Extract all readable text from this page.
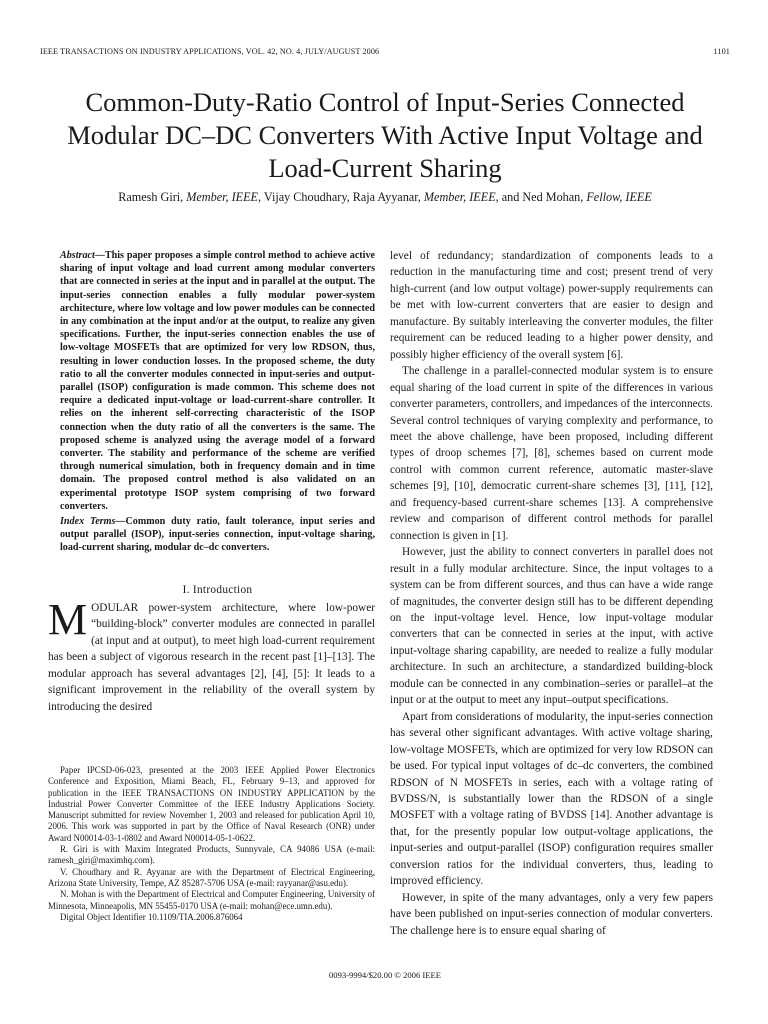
IEEE TRANSACTIONS ON INDUSTRY APPLICATIONS, VOL. 42, NO. 4, JULY/AUGUST 2006	1101
Common-Duty-Ratio Control of Input-Series Connected Modular DC–DC Converters With Active Input Voltage and Load-Current Sharing
Ramesh Giri, Member, IEEE, Vijay Choudhary, Raja Ayyanar, Member, IEEE, and Ned Mohan, Fellow, IEEE
Abstract—This paper proposes a simple control method to achieve active sharing of input voltage and load current among modular converters that are connected in series at the input and in parallel at the output. The input-series connection enables a fully modular power-system architecture, where low voltage and low power modules can be connected in any combination at the input and/or at the output, to realize any given specifications. Further, the input-series connection enables the use of low-voltage MOSFETs that are optimized for very low RDSON, thus, resulting in lower conduction losses. In the proposed scheme, the duty ratio to all the converter modules connected in input-series and output-parallel (ISOP) configuration is made common. This scheme does not require a dedicated input-voltage or load-current-share controller. It relies on the inherent self-correcting characteristic of the ISOP connection when the duty ratio of all the converters is the same. The proposed scheme is analyzed using the average model of a forward converter. The stability and performance of the scheme are verified through numerical simulation, both in frequency domain and in time domain. The proposed control method is also validated on an experimental prototype ISOP system comprising of two forward converters.
Index Terms—Common duty ratio, fault tolerance, input series and output parallel (ISOP), input-series connection, input-voltage sharing, load-current sharing, modular dc–dc converters.
I. Introduction
MODULAR power-system architecture, where low-power “building-block” converter modules are connected in parallel (at input and at output), to meet high load-current requirement has been a subject of vigorous research in the recent past [1]–[13]. The modular approach has several advantages [2], [4], [5]: It leads to a significant improvement in the reliability of the overall system by introducing the desired

Paper IPCSD-06-023, presented at the 2003 IEEE Applied Power Electronics Conference and Exposition, Miami Beach, FL, February 9–13, and approved for publication in the IEEE TRANSACTIONS ON INDUSTRY APPLICATION by the Industrial Power Converter Committee of the IEEE Industry Applications Society. Manuscript submitted for review November 1, 2003 and released for publication April 10, 2006. This work was supported in part by the Office of Naval Research (ONR) under Award N00014-03-1-0802 and Award N00014-05-1-0622.

R. Giri is with Maxim Integrated Products, Sunnyvale, CA 94086 USA (e-mail: ramesh_giri@maximhq.com).

V. Choudhary and R. Ayyanar are with the Department of Electrical Engineering, Arizona State University, Tempe, AZ 85287-5706 USA (e-mail: rayyanar@asu.edu).

N. Mohan is with the Department of Electrical and Computer Engineering, University of Minnesota, Minneapolis, MN 55455-0170 USA (e-mail: mohan@ece.umn.edu).

Digital Object Identifier 10.1109/TIA.2006.876064

level of redundancy; standardization of components leads to a reduction in the manufacturing time and cost; present trend of very high-current (and low output voltage) power-supply requirements can be met with low-current converters that are easier to design and manufacture. By suitably interleaving the converter modules, the filter requirement can be reduced leading to a higher power density, and possibly higher efficiency of the overall system [6].

The challenge in a parallel-connected modular system is to ensure equal sharing of the load current in spite of the differences in various converter parameters, controllers, and impedances of the interconnects. Several control techniques of varying complexity and performance, to meet the above challenge, have been proposed, including different types of droop schemes [7], [8], schemes based on current mode control with common current reference, automatic master-slave schemes [9], [10], democratic current-share schemes [3], [11], [12], and frequency-based current-share schemes [13]. A comprehensive review and comparison of different control methods for parallel connection is given in [1].

However, just the ability to connect converters in parallel does not result in a fully modular architecture. Since, the input voltages to a system can be from different sources, and thus can have a wide range of magnitudes, the converter design still has to be different depending on the input-voltage level. Hence, low input-voltage modular converters that can be connected in series at the input, with active input-voltage sharing capability, are needed to realize a fully modular architecture. In such an architecture, a standardized building-block module can be connected in any combination–series or parallel–at the input or at the output to meet any input–output specifications.

Apart from considerations of modularity, the input-series connection has several other significant advantages. With active voltage sharing, low-voltage MOSFETs, which are optimized for very low RDSON can be used. For typical input voltages of dc–dc converters, the combined RDSON of N MOSFETs in series, each with a voltage rating of BVDSS/N, is substantially lower than the RDSON of a single MOSFET with a voltage rating of BVDSS [14]. Another advantage is that, for the presently popular low output-voltage applications, the input-series and output-parallel (ISOP) configuration requires smaller conversion ratios for the individual converters, thus, leading to improved efficiency.

However, in spite of the many advantages, only a very few papers have been published on input-series connection of modular converters. The challenge here is to ensure equal sharing of

0093-9994/$20.00 © 2006 IEEE
